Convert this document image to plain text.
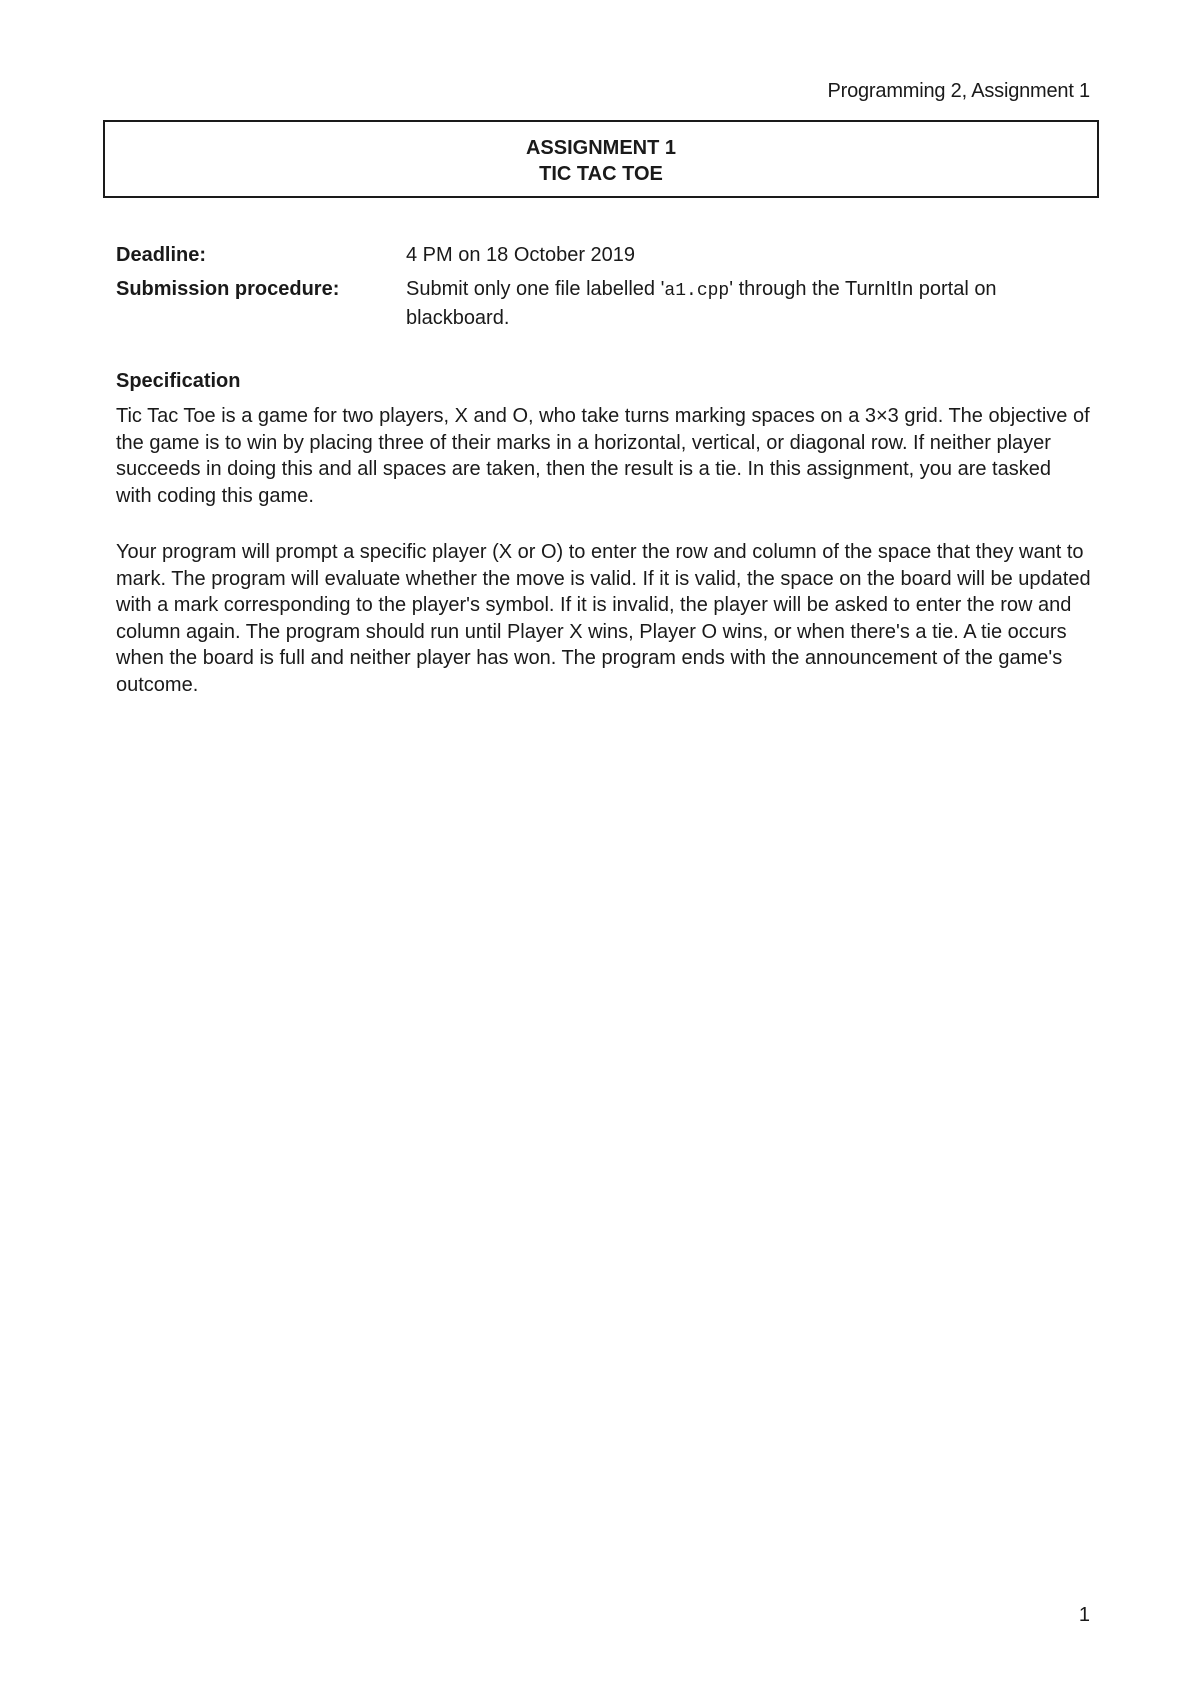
Programming 2, Assignment 1
ASSIGNMENT 1
TIC TAC TOE
Deadline:	4 PM on 18 October 2019
Submission procedure:	Submit only one file labelled 'a1.cpp' through the TurnItIn portal on blackboard.
Specification

Tic Tac Toe is a game for two players, X and O, who take turns marking spaces on a 3×3 grid. The objective of the game is to win by placing three of their marks in a horizontal, vertical, or diagonal row. If neither player succeeds in doing this and all spaces are taken, then the result is a tie. In this assignment, you are tasked with coding this game.

Your program will prompt a specific player (X or O) to enter the row and column of the space that they want to mark. The program will evaluate whether the move is valid. If it is valid, the space on the board will be updated with a mark corresponding to the player's symbol. If it is invalid, the player will be asked to enter the row and column again. The program should run until Player X wins, Player O wins, or when there's a tie. A tie occurs when the board is full and neither player has won. The program ends with the announcement of the game's outcome.

1
